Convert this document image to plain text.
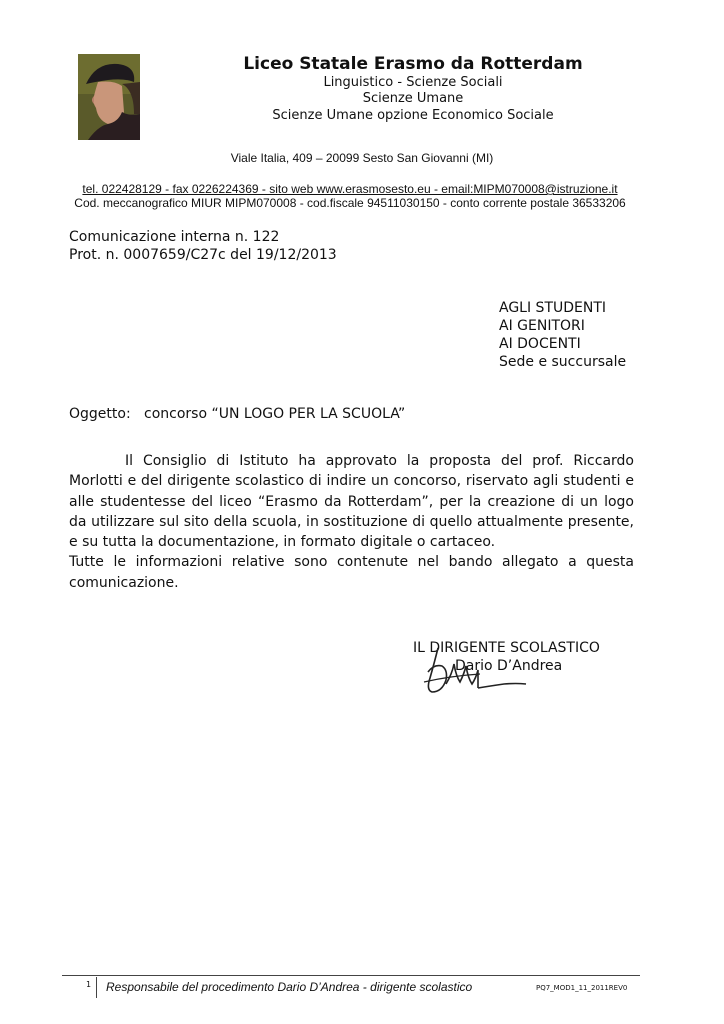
Liceo Statale Erasmo da Rotterdam
Linguistico - Scienze Sociali
Scienze Umane
Scienze Umane opzione Economico Sociale
Viale Italia, 409 – 20099 Sesto San Giovanni (MI)
tel. 022428129 - fax 0226224369 - sito web www.erasmosesto.eu - email:MIPM070008@istruzione.it
Cod. meccanografico MIUR MIPM070008 - cod.fiscale 94511030150 - conto corrente postale 36533206
Comunicazione interna n. 122
Prot. n. 0007659/C27c del 19/12/2013
AGLI STUDENTI
AI GENITORI
AI DOCENTI
Sede e succursale
Oggetto:   concorso “UN LOGO PER LA SCUOLA”

Il Consiglio di Istituto ha approvato la proposta del prof. Riccardo Morlotti e del dirigente scolastico di indire un concorso, riservato agli studenti e alle studentesse del liceo “Erasmo da Rotterdam”, per la creazione di un logo da utilizzare sul sito della scuola, in sostituzione di quello attualmente presente, e su tutta la documentazione, in formato digitale o cartaceo.

Tutte le informazioni relative sono contenute nel bando allegato a questa comunicazione.

IL DIRIGENTE SCOLASTICO
Dario D’Andrea
1 Responsabile del procedimento Dario D’Andrea - dirigente scolastico	PQ7_MOD1_11_2011REV0
